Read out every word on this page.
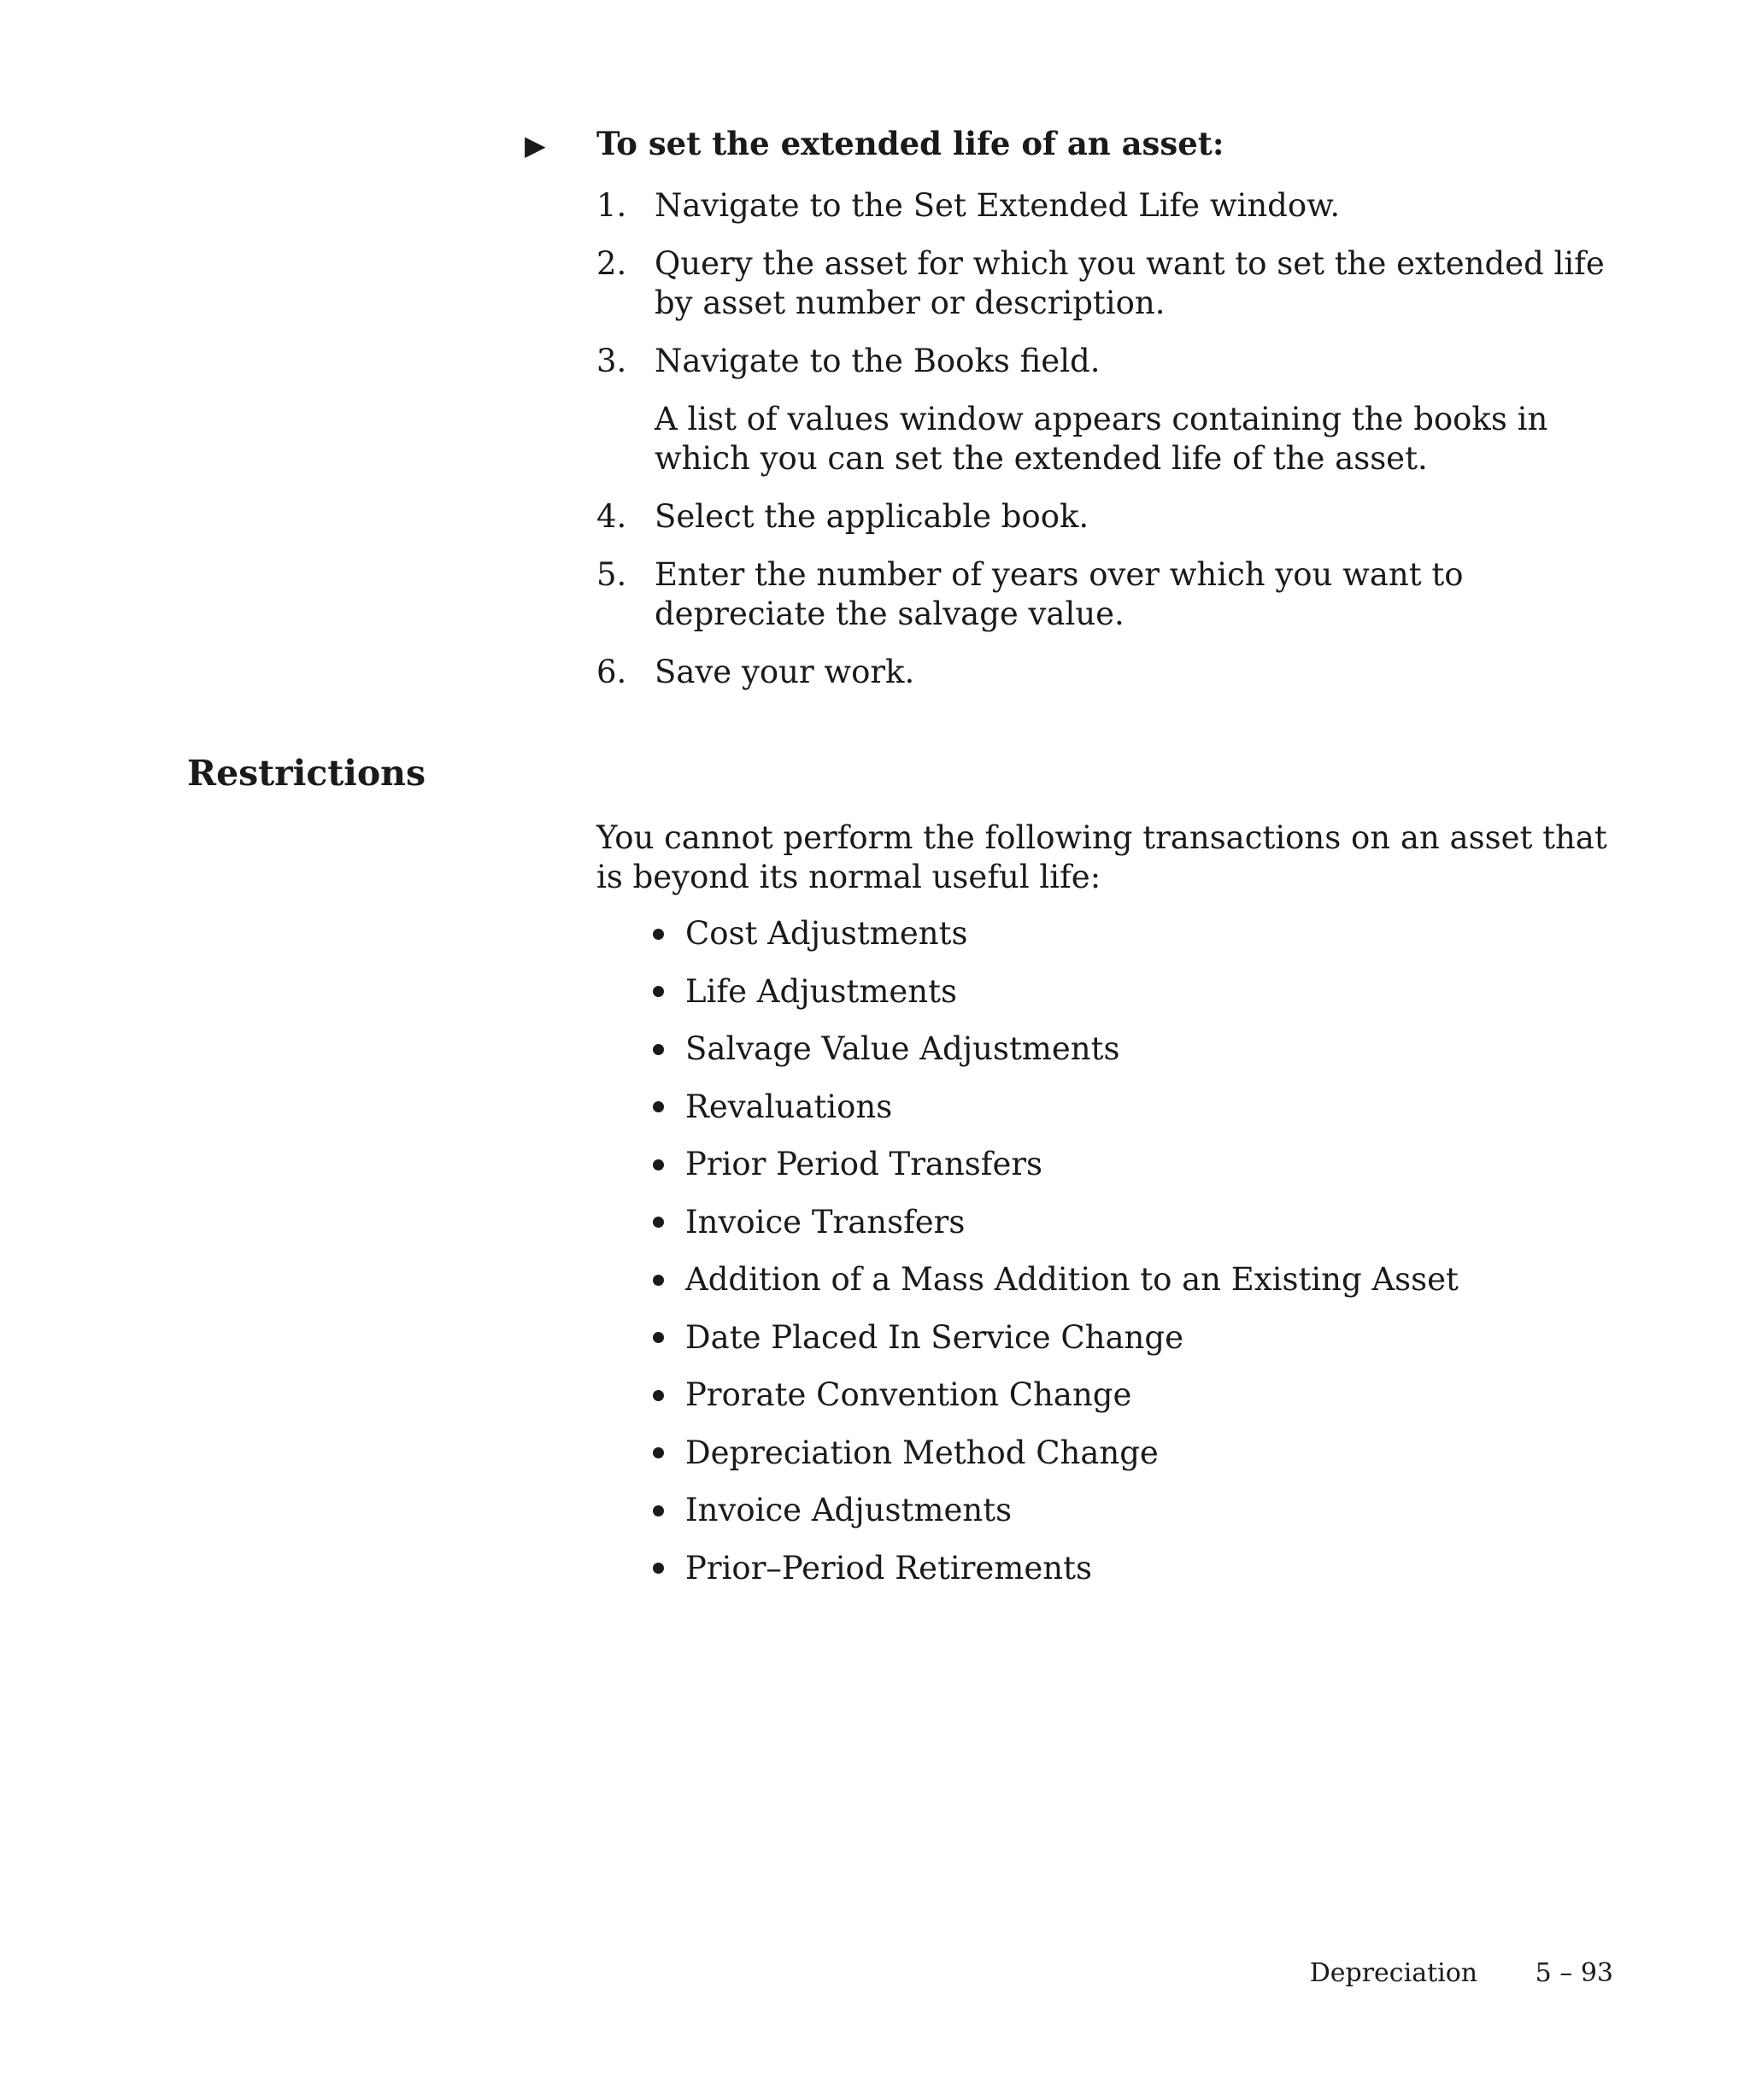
▶ To set the extended life of an asset:
1. Navigate to the Set Extended Life window.
2. Query the asset for which you want to set the extended life by asset number or description.
3. Navigate to the Books field.
A list of values window appears containing the books in which you can set the extended life of the asset.
4. Select the applicable book.
5. Enter the number of years over which you want to depreciate the salvage value.
6. Save your work.
Restrictions

You cannot perform the following transactions on an asset that is beyond its normal useful life:

Cost Adjustments
Life Adjustments
Salvage Value Adjustments
Revaluations
Prior Period Transfers
Invoice Transfers
Addition of a Mass Addition to an Existing Asset
Date Placed In Service Change
Prorate Convention Change
Depreciation Method Change
Invoice Adjustments
Prior–Period Retirements
Depreciation 5 – 93
